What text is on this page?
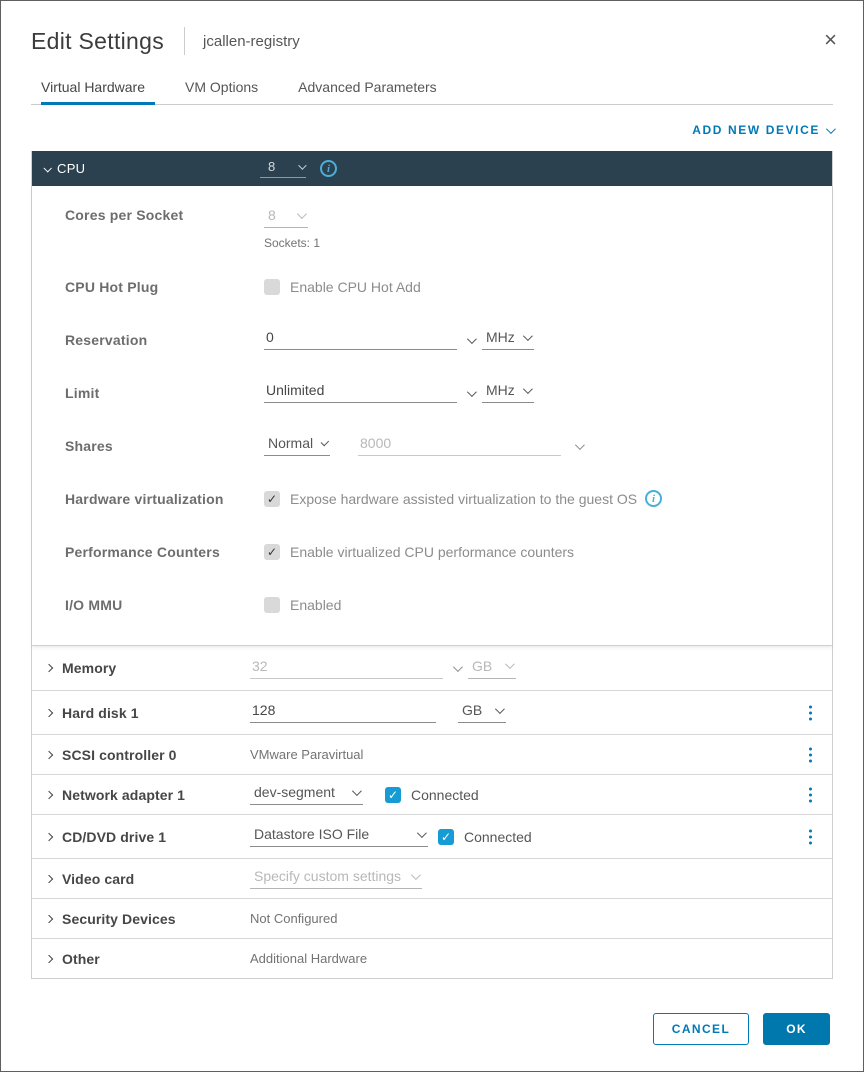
Edit Settings	jcallen-registry	×
Virtual Hardware	VM Options	Advanced Parameters
ADD NEW DEVICE
CPU	8	i
Cores per Socket	8
Sockets: 1
CPU Hot Plug	Enable CPU Hot Add
Reservation	0	MHz
Limit	Unlimited	MHz
Shares	Normal	8000
Hardware virtualization ✓	Expose hardware assisted virtualization to the guest OS	i
Performance Counters ✓	Enable virtualized CPU performance counters
I/O MMU	Enabled
Memory	32	GB
Hard disk 1	128	GB
SCSI controller 0	VMware Paravirtual
Network adapter 1	dev-segment ✓	Connected
CD/DVD drive 1	Datastore ISO File ✓	Connected
Video card	Specify custom settings
Security Devices	Not Configured
Other	Additional Hardware
CANCEL	OK
